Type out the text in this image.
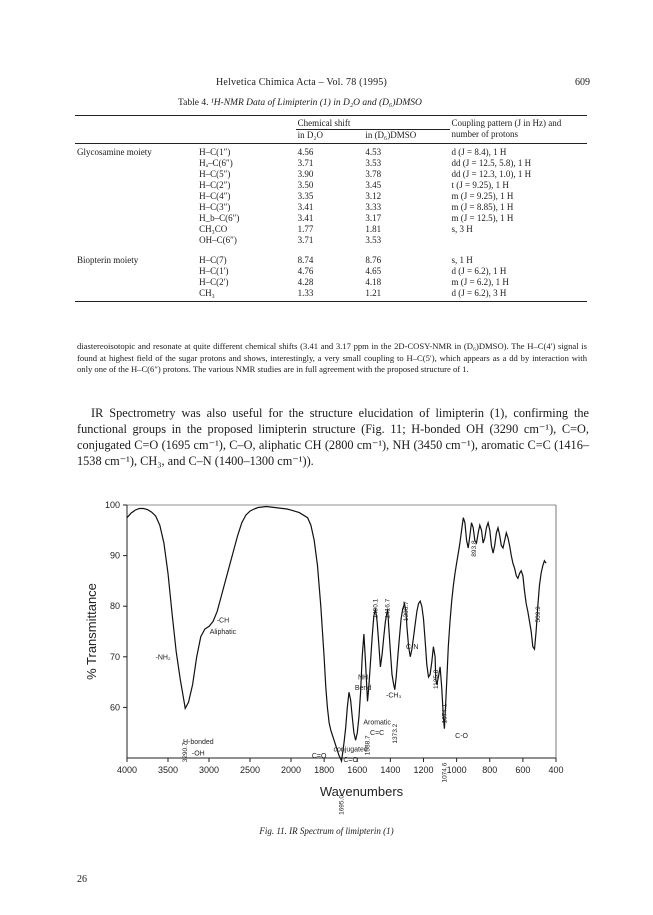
Helvetica Chimica Acta – Vol. 78 (1995)	609
Table 4. ¹H-NMR Data of Limipterin (1) in D₂O and (D₆)DMSO
		Chemical shift		Coupling pattern (J in Hz) and number of protons
		in D₂O	in (D₆)DMSO	
Glycosamine moiety	H–C(1″)	4.56	4.53	d (J = 8.4), 1 H
	Hₐ–C(6″)	3.71	3.53	dd (J = 12.5, 5.8), 1 H
	H–C(5″)	3.90	3.78	dd (J = 12.3, 1.0), 1 H
	H–C(2″)	3.50	3.45	t (J = 9.25), 1 H
	H–C(4″)	3.35	3.12	m (J = 9.25), 1 H
	H–C(3″)	3.41	3.33	m (J = 8.85), 1 H
	H_b–C(6″)	3.41	3.17	m (J = 12.5), 1 H
	CH₃CO	1.77	1.81	s, 3 H
	OH–C(6″)	3.71	3.53	
Biopterin moiety	H–C(7)	8.74	8.76	s, 1 H
	H–C(1′)	4.76	4.65	d (J = 6.2), 1 H
	H–C(2′)	4.28	4.18	m (J = 6.2), 1 H
	CH₃	1.33	1.21	d (J = 6.2), 3 H
diastereoisotopic and resonate at quite different chemical shifts (3.41 and 3.17 ppm in the 2D-COSY-NMR in (D₆)DMSO). The H–C(4′) signal is found at highest field of the sugar protons and shows, interestingly, a very small coupling to H–C(5′), which appears as a dd by interaction with only one of the H–C(6″) protons. The various NMR studies are in full agreement with the proposed structure of 1.
IR Spectrometry was also useful for the structure elucidation of limipterin (1), confirming the functional groups in the proposed limipterin structure (Fig. 11; H-bonded OH (3290 cm⁻¹), C=O, conjugated C=O (1695 cm⁻¹), C–O, aliphatic CH (2800 cm⁻¹), NH (3450 cm⁻¹), aromatic C=C (1416–1538 cm⁻¹), CH₃, and C–N (1400–1300 cm⁻¹)).
60
70
80
90
100
4000 3500 3000 2500 2000 1800 1600 1400 1200 1000 800 600 400
Wavenumbers
% Transmittance
3290.7
1695.0
1538.7
1490.1 1416.7
1373.2
1306.7
1125.8
1074.1
1074.6
893.8
509.9
-NH₂
-CH
Aliphatic
H-bonded
-OH	C=O
conjugated
C=O
NH
Bend
Aromatic
C=C
-CH₃
C-N
C-O
Fig. 11. IR Spectrum of limipterin (1)
26
